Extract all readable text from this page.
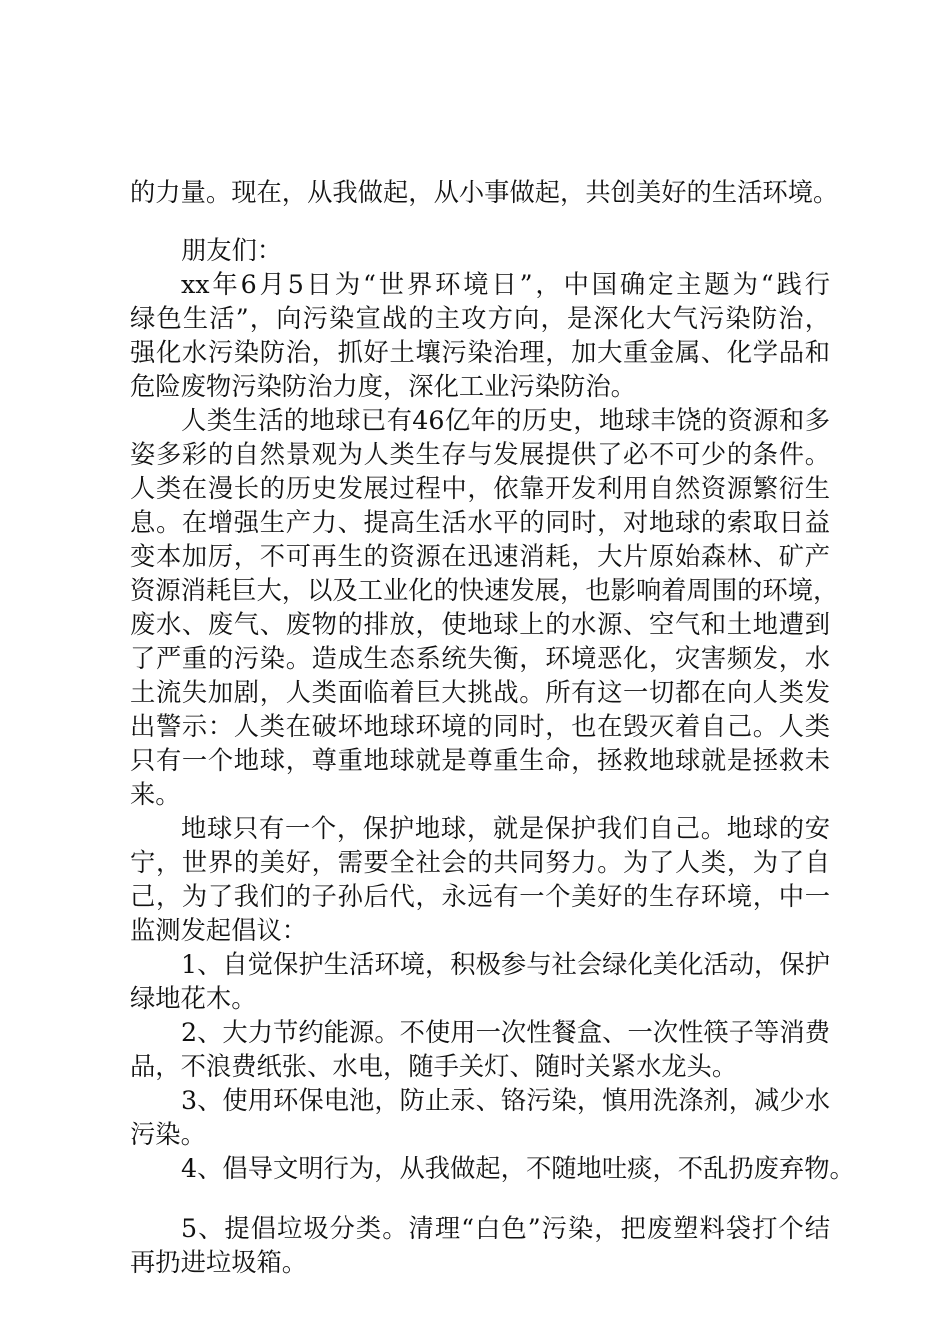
的力量。现在，从我做起，从小事做起，共创美好的生活环境。
朋友们：
xx年6月5日为“世界环境日”，中国确定主题为“践行
绿色生活”，向污染宣战的主攻方向，是深化大气污染防治，
强化水污染防治，抓好土壤污染治理，加大重金属、化学品和
危险废物污染防治力度，深化工业污染防治。
人类生活的地球已有46亿年的历史，地球丰饶的资源和多
姿多彩的自然景观为人类生存与发展提供了必不可少的条件。
人类在漫长的历史发展过程中，依靠开发利用自然资源繁衍生
息。在增强生产力、提高生活水平的同时，对地球的索取日益
变本加厉，不可再生的资源在迅速消耗，大片原始森林、矿产
资源消耗巨大，以及工业化的快速发展，也影响着周围的环境，
废水、废气、废物的排放，使地球上的水源、空气和土地遭到
了严重的污染。造成生态系统失衡，环境恶化，灾害频发，水
土流失加剧，人类面临着巨大挑战。所有这一切都在向人类发
出警示：人类在破坏地球环境的同时，也在毁灭着自己。人类
只有一个地球，尊重地球就是尊重生命，拯救地球就是拯救未
来。
地球只有一个，保护地球，就是保护我们自己。地球的安
宁，世界的美好，需要全社会的共同努力。为了人类，为了自
己，为了我们的子孙后代，永远有一个美好的生存环境，中一
监测发起倡议：
1、自觉保护生活环境，积极参与社会绿化美化活动，保护
绿地花木。
2、大力节约能源。不使用一次性餐盒、一次性筷子等消费
品，不浪费纸张、水电，随手关灯、随时关紧水龙头。
3、使用环保电池，防止汞、铬污染，慎用洗涤剂，减少水
污染。
4、倡导文明行为，从我做起，不随地吐痰，不乱扔废弃物。
5、提倡垃圾分类。清理“白色”污染，把废塑料袋打个结
再扔进垃圾箱。
